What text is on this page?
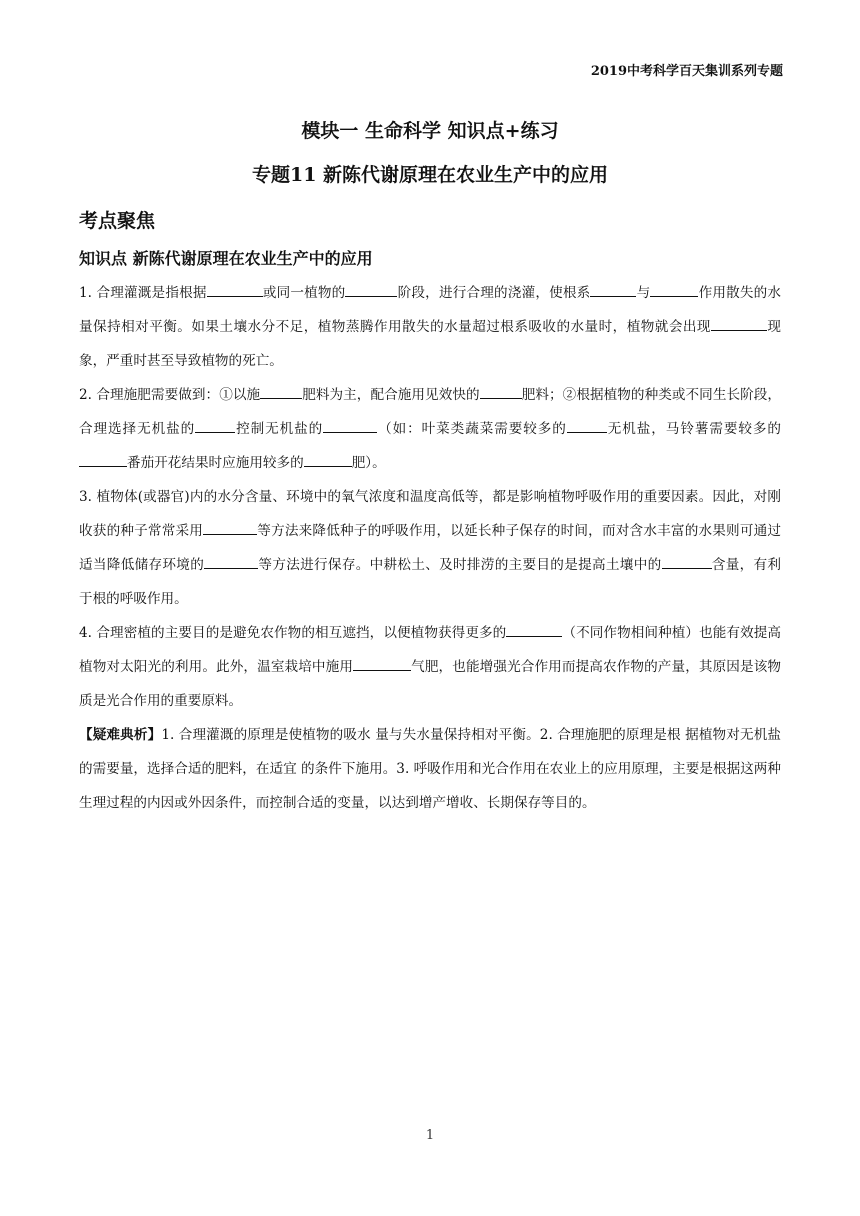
2019中考科学百天集训系列专题
模块一 生命科学 知识点+练习
专题11 新陈代谢原理在农业生产中的应用
考点聚焦
知识点 新陈代谢原理在农业生产中的应用

1. 合理灌溉是指根据	或同一植物的	阶段，进行合理的浇灌，使根系	与	作用散失的水量保持相对平衡。如果土壤水分不足，植物蒸腾作用散失的水量超过根系吸收的水量时，植物就会出现	现象，严重时甚至导致植物的死亡。

2. 合理施肥需要做到：①以施	肥料为主，配合施用见效快的	肥料；②根据植物的种类或不同生长阶段，合理选择无机盐的	控制无机盐的	（如：叶菜类蔬菜需要较多的	无机盐，马铃薯需要较多的番茄开花结果时应施用较多的	肥）。

3. 植物体(或器官)内的水分含量、环境中的氧气浓度和温度高低等，都是影响植物呼吸作用的重要因素。因此，对刚收获的种子常常采用	等方法来降低种子的呼吸作用，以延长种子保存的时间，而对含水丰富的水果则可通过适当降低储存环境的	等方法进行保存。中耕松土、及时排涝的主要目的是提高土壤中的	含量，有利于根的呼吸作用。

4. 合理密植的主要目的是避免农作物的相互遮挡，以便植物获得更多的	（不同作物相间种植）也能有效提高植物对太阳光的利用。此外，温室栽培中施用	气肥，也能增强光合作用而提高农作物的产量，其原因是该物质是光合作用的重要原料。

【疑难典析】1. 合理灌溉的原理是使植物的吸水 量与失水量保持相对平衡。2. 合理施肥的原理是根 据植物对无机盐的需要量，选择合适的肥料，在适宜 的条件下施用。3. 呼吸作用和光合作用在农业上的应用原理，主要是根据这两种生理过程的内因或外因条件，而控制合适的变量，以达到增产增收、长期保存等目的。

1
